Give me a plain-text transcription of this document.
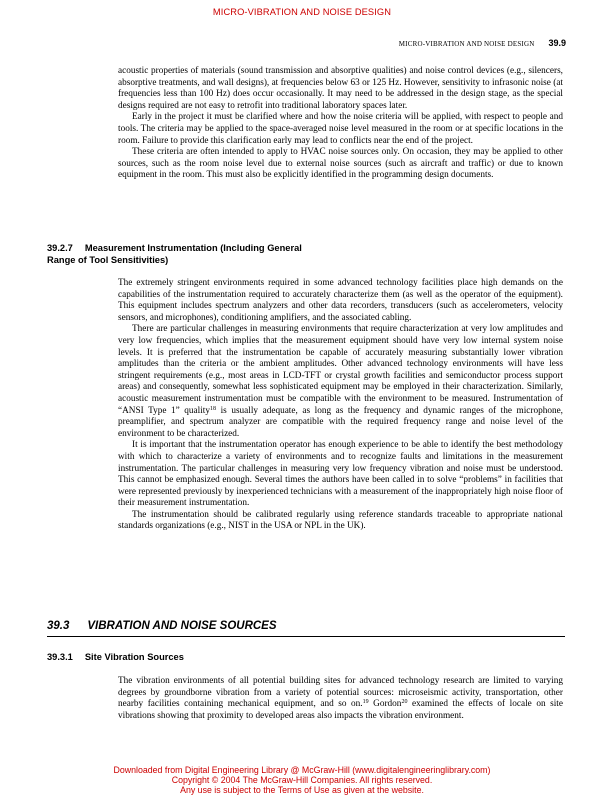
MICRO-VIBRATION AND NOISE DESIGN
MICRO-VIBRATION AND NOISE DESIGN 39.9

acoustic properties of materials (sound transmission and absorptive qualities) and noise control devices (e.g., silencers, absorptive treatments, and wall designs), at frequencies below 63 or 125 Hz. However, sensitivity to infrasonic noise (at frequencies less than 100 Hz) does occur occasionally. It may need to be addressed in the design stage, as the special designs required are not easy to retrofit into traditional laboratory spaces later.

Early in the project it must be clarified where and how the noise criteria will be applied, with respect to people and tools. The criteria may be applied to the space-averaged noise level measured in the room or at specific locations in the room. Failure to provide this clarification early may lead to conflicts near the end of the project.

These criteria are often intended to apply to HVAC noise sources only. On occasion, they may be applied to other sources, such as the room noise level due to external noise sources (such as aircraft and traffic) or due to known equipment in the room. This must also be explicitly identified in the programming design documents.

39.2.7 Measurement Instrumentation (Including General
Range of Tool Sensitivities)

The extremely stringent environments required in some advanced technology facilities place high demands on the capabilities of the instrumentation required to accurately characterize them (as well as the operator of the equipment). This equipment includes spectrum analyzers and other data recorders, transducers (such as accelerometers, velocity sensors, and microphones), conditioning amplifiers, and the associated cabling.

There are particular challenges in measuring environments that require characterization at very low amplitudes and very low frequencies, which implies that the measurement equipment should have very low internal system noise levels. It is preferred that the instrumentation be capable of accurately measuring substantially lower vibration amplitudes than the criteria or the ambient amplitudes. Other advanced technology environments will have less stringent requirements (e.g., most areas in LCD-TFT or crystal growth facilities and semiconductor process support areas) and consequently, somewhat less sophisticated equipment may be employed in their characterization. Similarly, acoustic measurement instrumentation must be compatible with the environment to be measured. Instrumentation of “ANSI Type 1” quality$^{18}$ is usually adequate, as long as the frequency and dynamic ranges of the microphone, preamplifier, and spectrum analyzer are compatible with the required frequency range and noise level of the environment to be characterized.

It is important that the instrumentation operator has enough experience to be able to identify the best methodology with which to characterize a variety of environments and to recognize faults and limitations in the measurement instrumentation. The particular challenges in measuring very low frequency vibration and noise must be understood. This cannot be emphasized enough. Several times the authors have been called in to solve “problems” in facilities that were represented previously by inexperienced technicians with a measurement of the inappropriately high noise floor of their measurement instrumentation.

The instrumentation should be calibrated regularly using reference standards traceable to appropriate national standards organizations (e.g., NIST in the USA or NPL in the UK).

39.3 VIBRATION AND NOISE SOURCES
39.3.1 Site Vibration Sources

The vibration environments of all potential building sites for advanced technology research are limited to varying degrees by groundborne vibration from a variety of potential sources: microseismic activity, transportation, other nearby facilities containing mechanical equipment, and so on.$^{19}$ Gordon$^{20}$ examined the effects of locale on site vibrations showing that proximity to developed areas also impacts the vibration environment.

Downloaded from Digital Engineering Library @ McGraw-Hill (www.digitalengineeringlibrary.com)
Copyright © 2004 The McGraw-Hill Companies. All rights reserved.
Any use is subject to the Terms of Use as given at the website.
